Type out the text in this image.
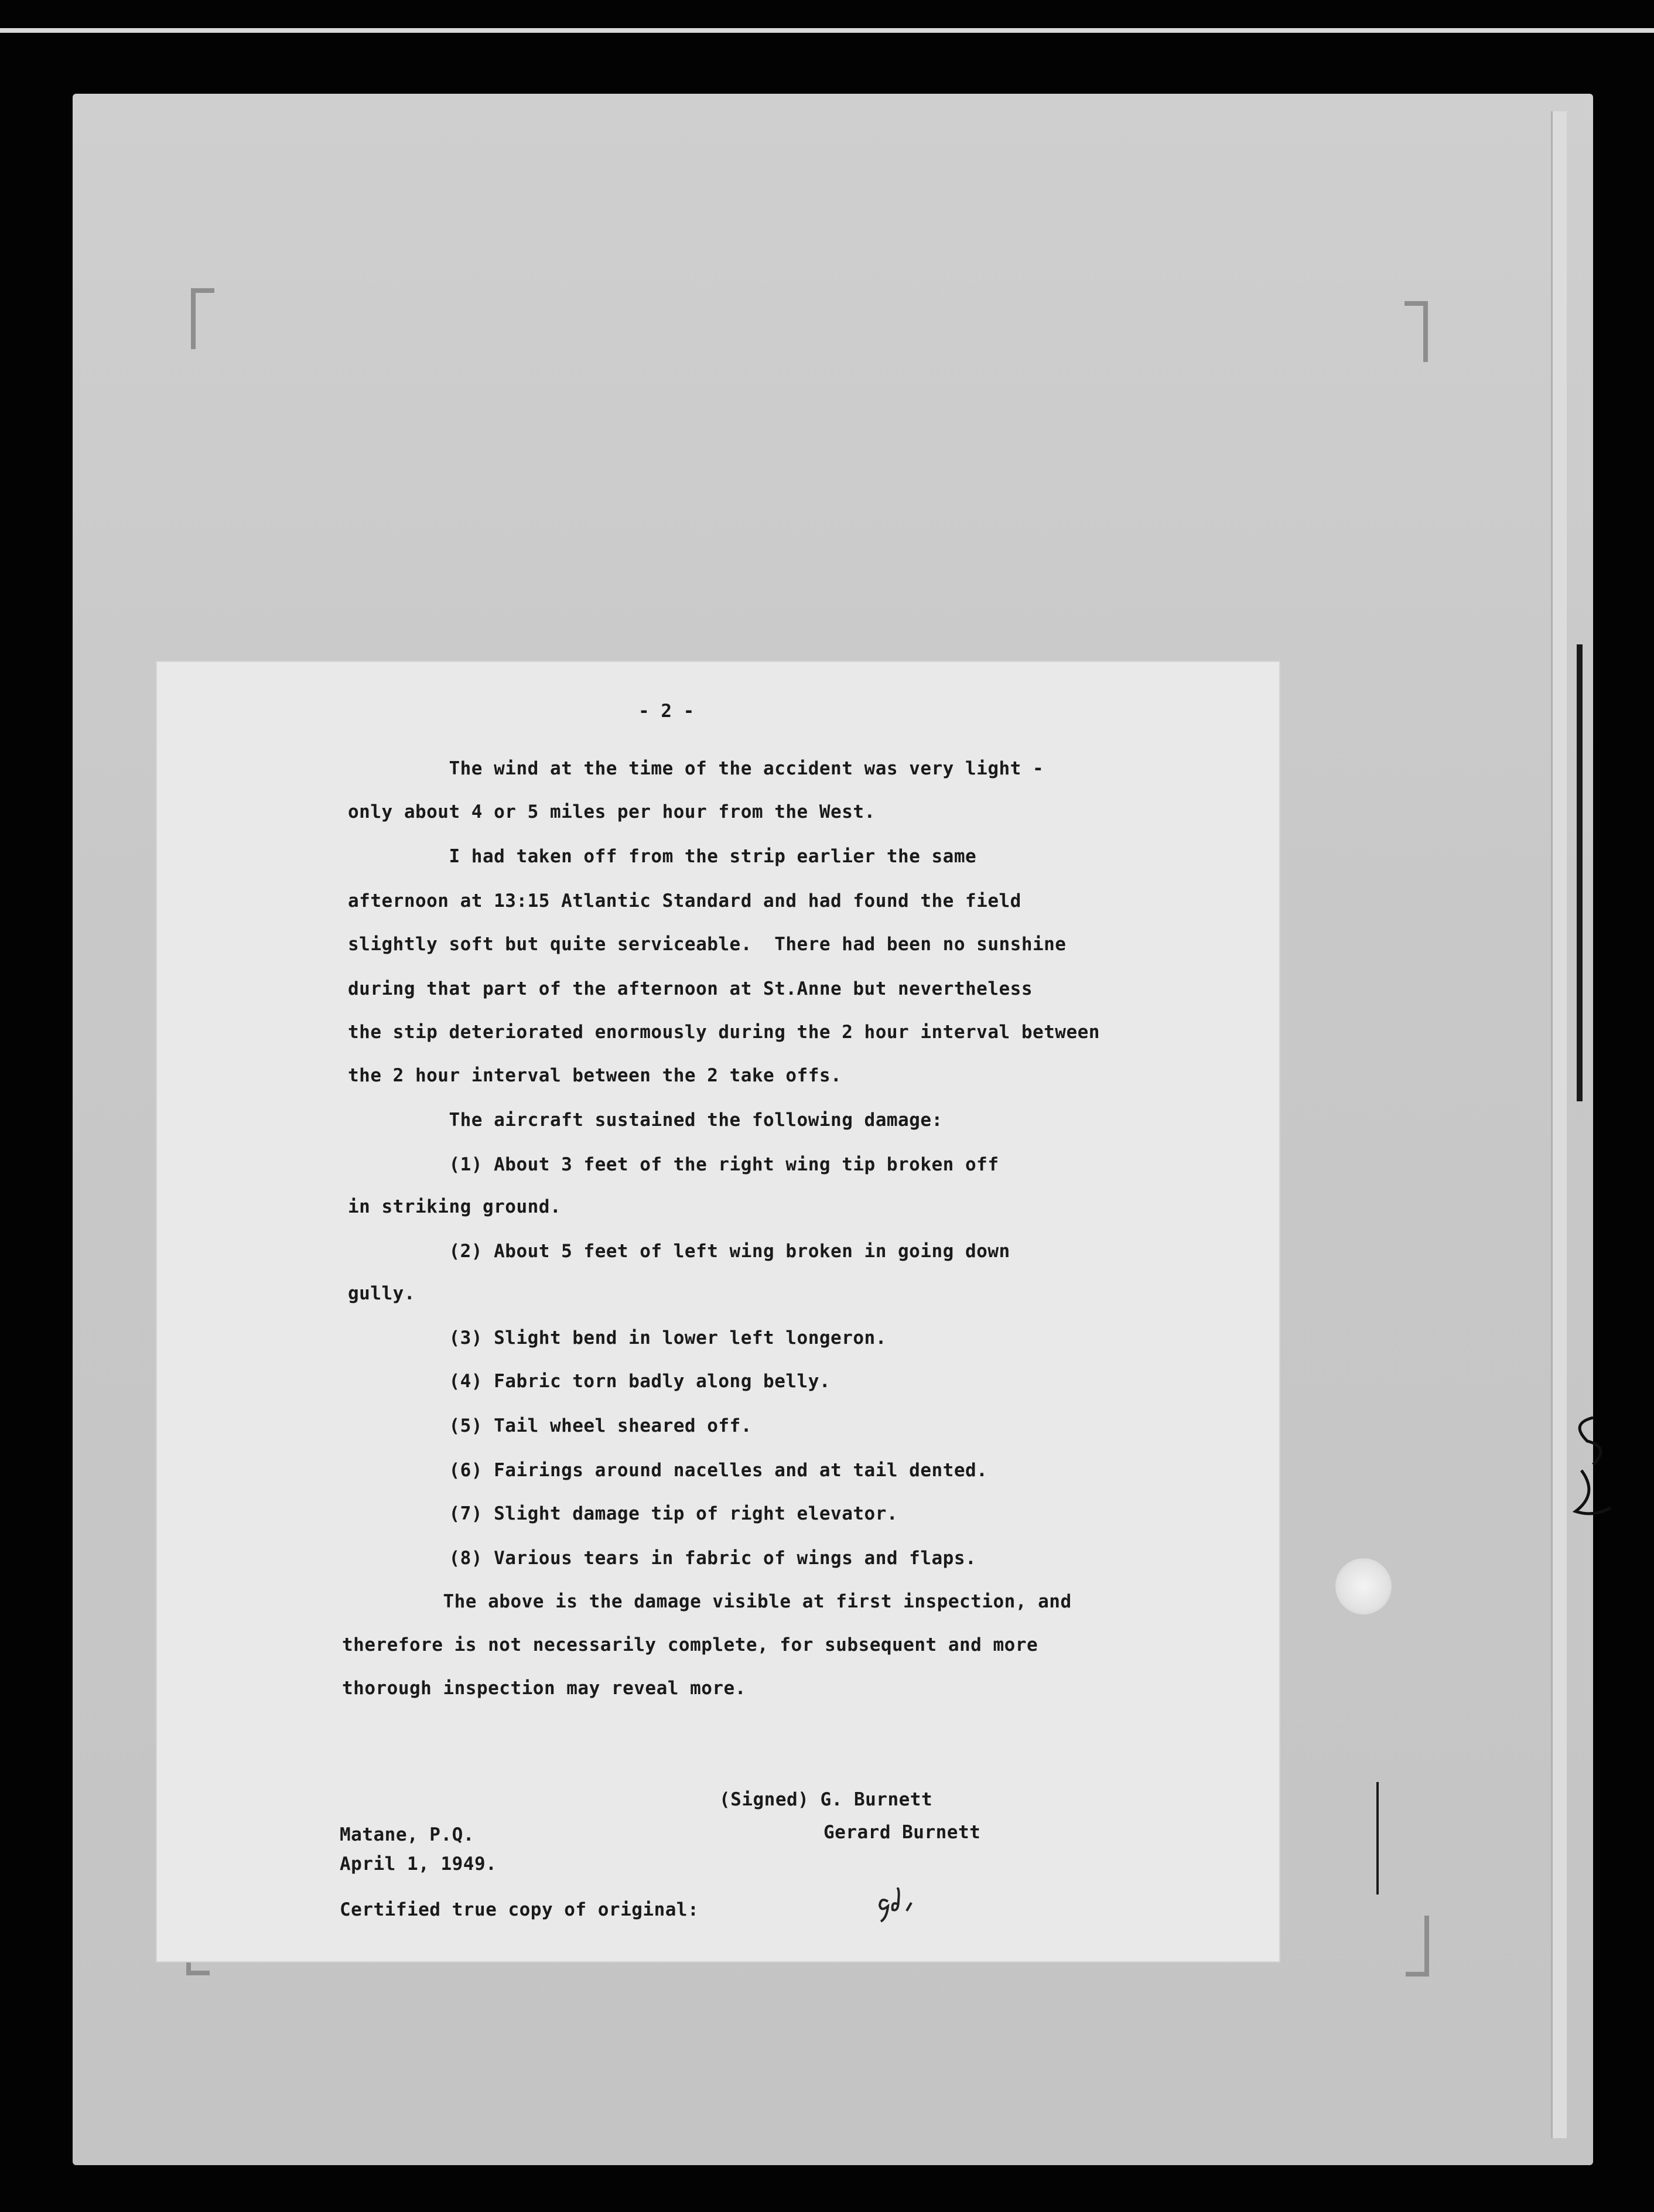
- 2 -
The wind at the time of the accident was very light -
only about 4 or 5 miles per hour from the West.
I had taken off from the strip earlier the same
afternoon at 13:15 Atlantic Standard and had found the field
slightly soft but quite serviceable.  There had been no sunshine
during that part of the afternoon at St.Anne but nevertheless
the stip deteriorated enormously during the 2 hour interval between
the 2 hour interval between the 2 take offs.
The aircraft sustained the following damage:
(1) About 3 feet of the right wing tip broken off
in striking ground.
(2) About 5 feet of left wing broken in going down
gully.
(3) Slight bend in lower left longeron.
(4) Fabric torn badly along belly.
(5) Tail wheel sheared off.
(6) Fairings around nacelles and at tail dented.
(7) Slight damage tip of right elevator.
(8) Various tears in fabric of wings and flaps.
The above is the damage visible at first inspection, and
therefore is not necessarily complete, for subsequent and more
thorough inspection may reveal more.
(Signed) G. Burnett
Gerard Burnett
Matane, P.Q.
April 1, 1949.
Certified true copy of original:
